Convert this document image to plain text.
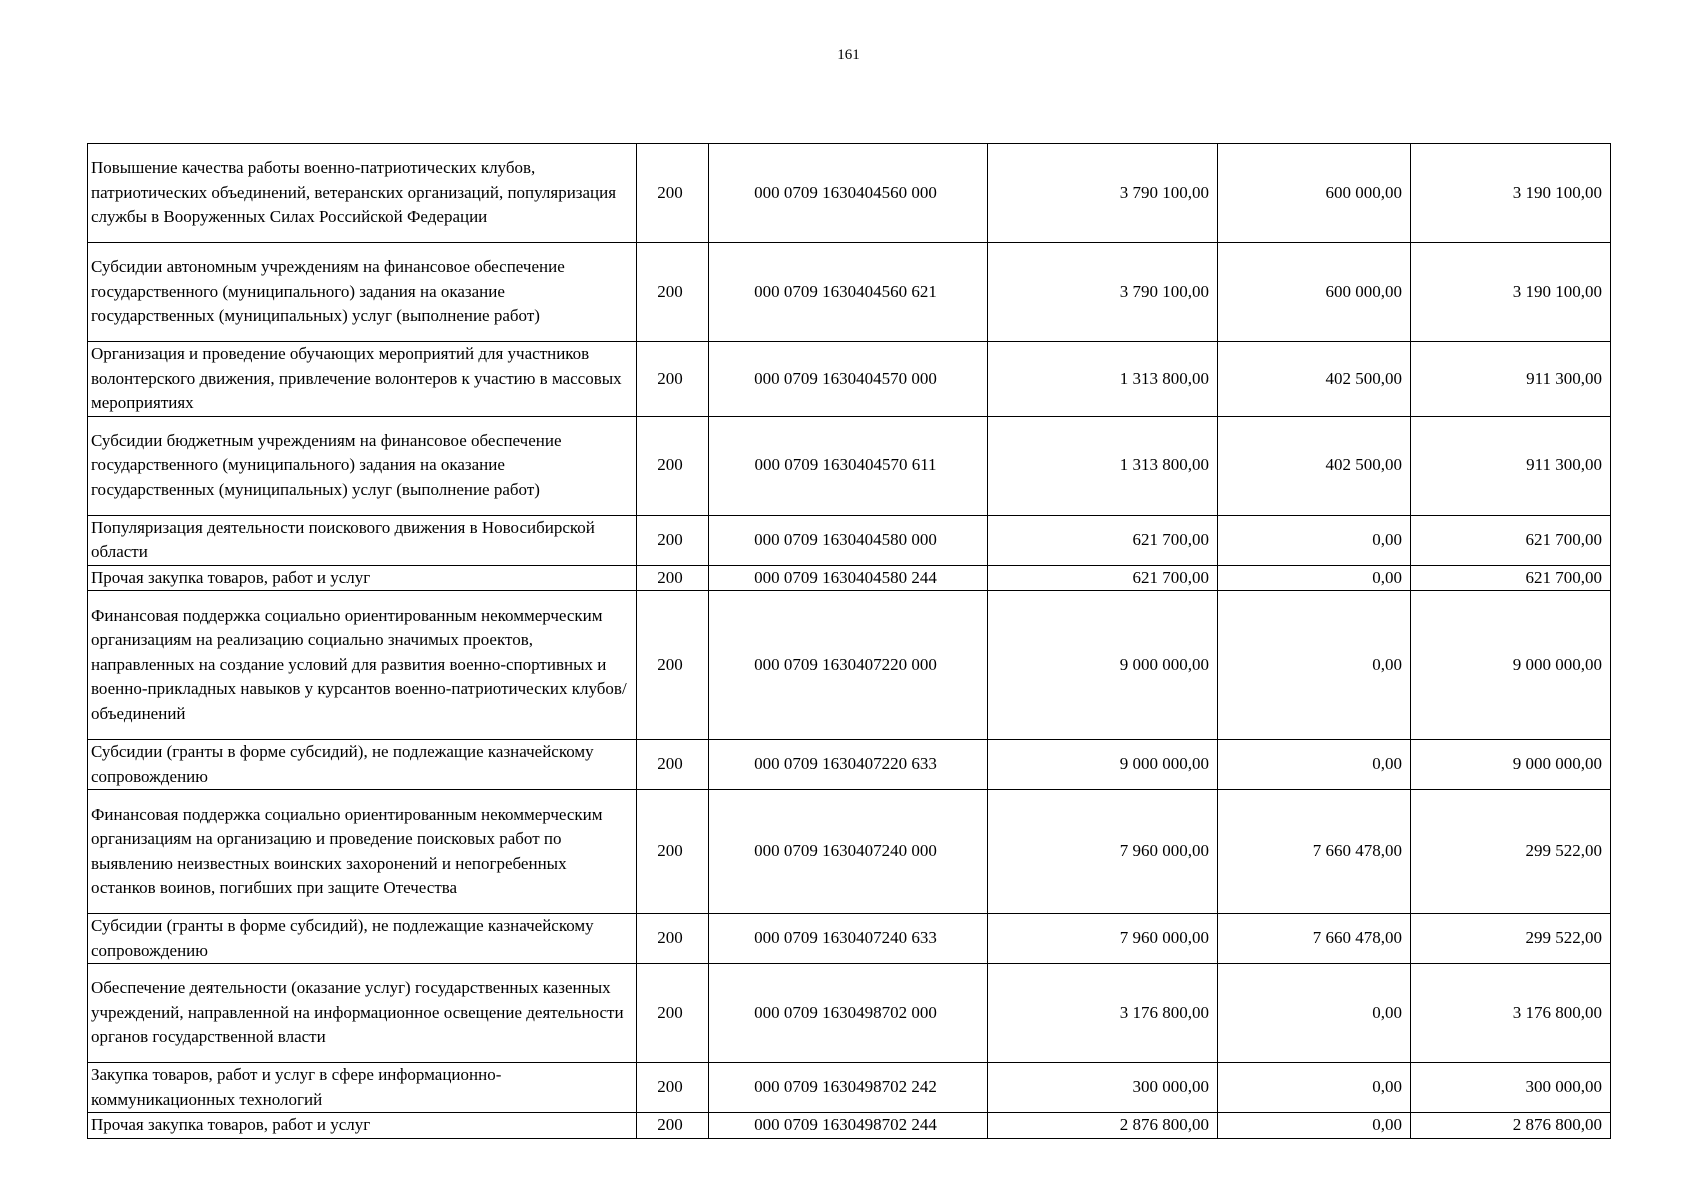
161
Повышение качества работы военно-патриотических клубов, патриотических объединений, ветеранских организаций, популяризация службы в Вооруженных Силах Российской Федерации	200	000 0709 1630404560 000	3 790 100,00	600 000,00	3 190 100,00
Субсидии автономным учреждениям на финансовое обеспечение государственного (муниципального) задания на оказание государственных (муниципальных) услуг (выполнение работ)	200	000 0709 1630404560 621	3 790 100,00	600 000,00	3 190 100,00
Организация и проведение обучающих мероприятий для участников волонтерского движения, привлечение волонтеров к участию в массовых мероприятиях	200	000 0709 1630404570 000	1 313 800,00	402 500,00	911 300,00
Субсидии бюджетным учреждениям на финансовое обеспечение государственного (муниципального) задания на оказание государственных (муниципальных) услуг (выполнение работ)	200	000 0709 1630404570 611	1 313 800,00	402 500,00	911 300,00
Популяризация деятельности поискового движения в Новосибирской области	200	000 0709 1630404580 000	621 700,00	0,00	621 700,00
Прочая закупка товаров, работ и услуг	200	000 0709 1630404580 244	621 700,00	0,00	621 700,00
Финансовая поддержка социально ориентированным некоммерческим организациям на реализацию социально значимых проектов, направленных на создание условий для развития военно-спортивных и военно-прикладных навыков у курсантов военно-патриотических клубов/объединений	200	000 0709 1630407220 000	9 000 000,00	0,00	9 000 000,00
Субсидии (гранты в форме субсидий), не подлежащие казначейскому сопровождению	200	000 0709 1630407220 633	9 000 000,00	0,00	9 000 000,00
Финансовая поддержка социально ориентированным некоммерческим организациям на организацию и проведение поисковых работ по выявлению неизвестных воинских захоронений и непогребенных останков воинов, погибших при защите Отечества	200	000 0709 1630407240 000	7 960 000,00	7 660 478,00	299 522,00
Субсидии (гранты в форме субсидий), не подлежащие казначейскому сопровождению	200	000 0709 1630407240 633	7 960 000,00	7 660 478,00	299 522,00
Обеспечение деятельности (оказание услуг) государственных казенных учреждений, направленной на информационное освещение деятельности органов государственной власти	200	000 0709 1630498702 000	3 176 800,00	0,00	3 176 800,00
Закупка товаров, работ и услуг в сфере информационно-коммуникационных технологий	200	000 0709 1630498702 242	300 000,00	0,00	300 000,00
Прочая закупка товаров, работ и услуг	200	000 0709 1630498702 244	2 876 800,00	0,00	2 876 800,00
